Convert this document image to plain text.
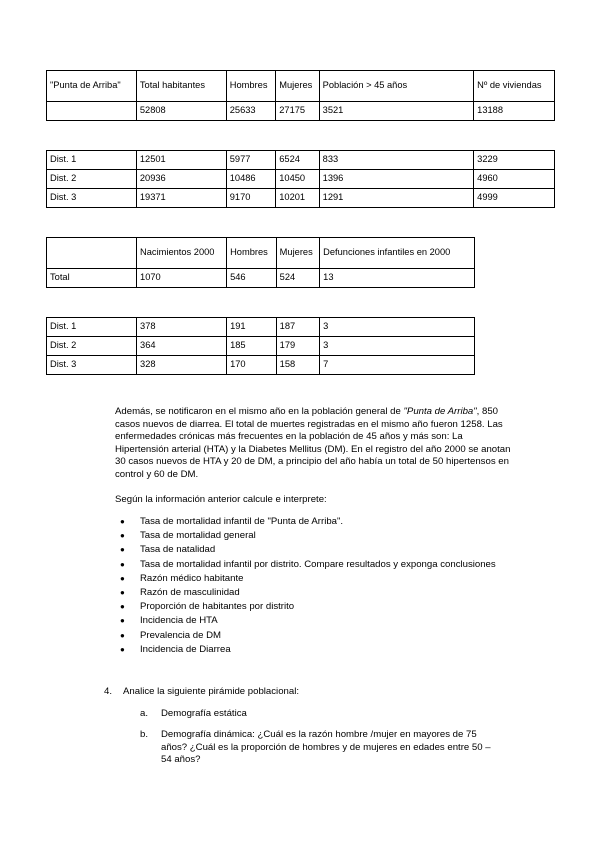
"Punta de Arriba"	Total habitantes	Hombres	Mujeres	Población > 45 años	Nº de viviendas
	52808	25633	27175	3521	13188
Dist. 1	12501	5977	6524	833	3229
Dist. 2	20936	10486	10450	1396	4960
Dist. 3	19371	9170	10201	1291	4999
	Nacimientos 2000	Hombres	Mujeres	Defunciones infantiles en 2000
Total	1070	546	524	13
Dist. 1	378	191	187	3
Dist. 2	364	185	179	3
Dist. 3	328	170	158	7

Además, se notificaron en el mismo año en la población general de "Punta de Arriba", 850 casos nuevos de diarrea. El total de muertes registradas en el mismo año fueron 1258. Las enfermedades crónicas más frecuentes en la población de 45 años y más son: La Hipertensión arterial (HTA) y la Diabetes Mellitus (DM). En el registro del año 2000 se anotan 30 casos nuevos de HTA y 20 de DM, a principio del año había un total de 50 hipertensos en control y 60 de DM.

Según la información anterior calcule e interprete:
● Tasa de mortalidad infantil de "Punta de Arriba".
● Tasa de mortalidad general
● Tasa de natalidad
● Tasa de mortalidad infantil por distrito. Compare resultados y exponga conclusiones
● Razón médico habitante
● Razón de masculinidad
● Proporción de habitantes por distrito
● Incidencia de HTA
● Prevalencia de DM
● Incidencia de Diarrea
4. Analice la siguiente pirámide poblacional:
a. Demografía estática
b. Demografía dinámica: ¿Cuál es la razón hombre /mujer en mayores de 75 años? ¿Cuál es la proporción de hombres y de mujeres en edades entre 50 – 54 años?
